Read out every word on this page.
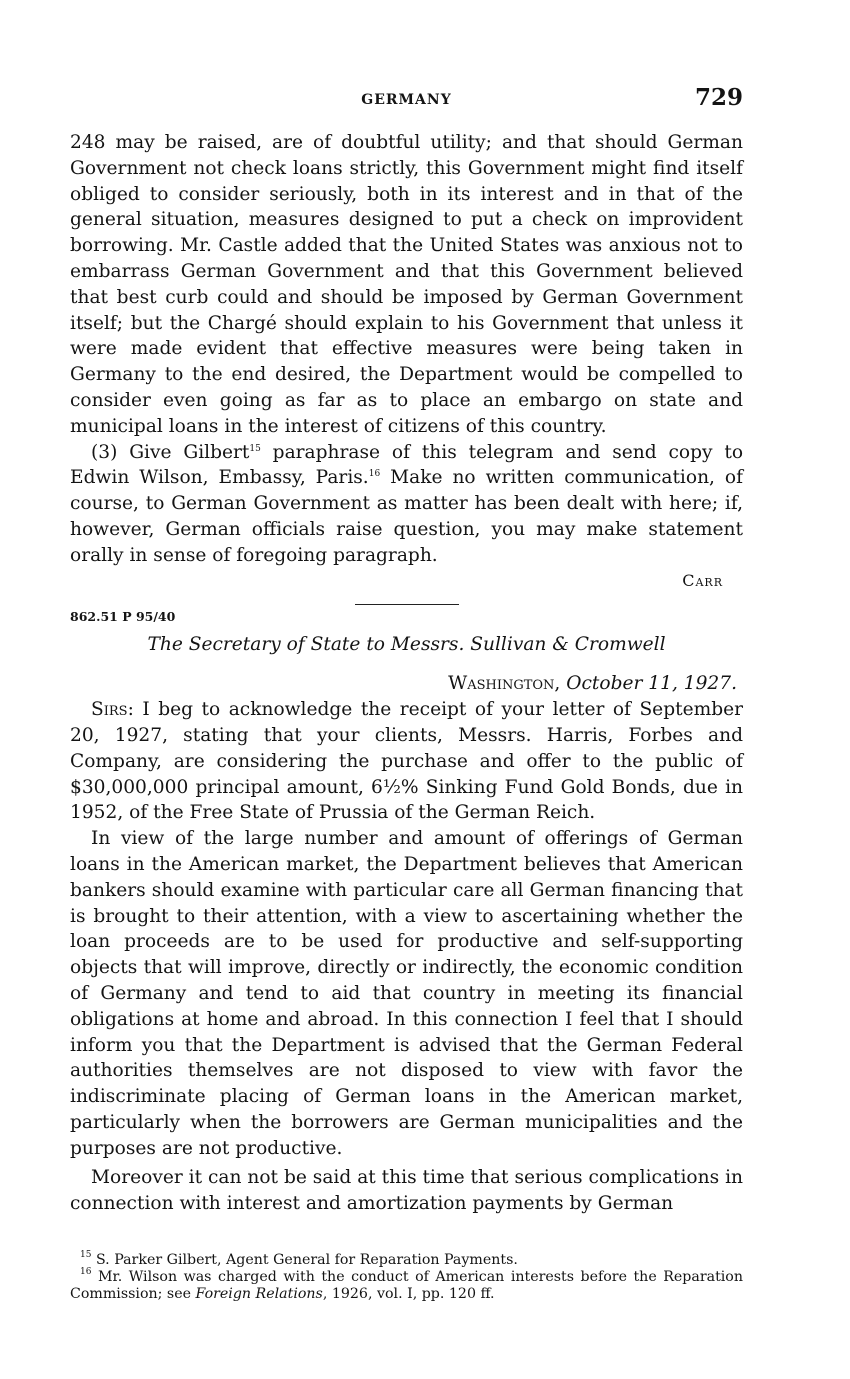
GERMANY	729

248 may be raised, are of doubtful utility; and that should German Government not check loans strictly, this Government might find itself obliged to consider seriously, both in its interest and in that of the general situation, measures designed to put a check on improvident borrowing. Mr. Castle added that the United States was anxious not to embarrass German Government and that this Government believed that best curb could and should be imposed by German Government itself; but the Chargé should explain to his Government that unless it were made evident that effective measures were being taken in Germany to the end desired, the Department would be compelled to consider even going as far as to place an embargo on state and municipal loans in the interest of citizens of this country.

(3) Give Gilbert$^{15}$ paraphrase of this telegram and send copy to Edwin Wilson, Embassy, Paris.$^{16}$ Make no written communication, of course, to German Government as matter has been dealt with here; if, however, German officials raise question, you may make statement orally in sense of foregoing paragraph.

Carr
862.51 P 95/40

The Secretary of State to Messrs. Sullivan & Cromwell

Washington, October 11, 1927.

Sirs: I beg to acknowledge the receipt of your letter of September 20, 1927, stating that your clients, Messrs. Harris, Forbes and Company, are considering the purchase and offer to the public of $30,000,000 principal amount, 6½% Sinking Fund Gold Bonds, due in 1952, of the Free State of Prussia of the German Reich.

In view of the large number and amount of offerings of German loans in the American market, the Department believes that American bankers should examine with particular care all German financing that is brought to their attention, with a view to ascertaining whether the loan proceeds are to be used for productive and self-supporting objects that will improve, directly or indirectly, the economic condition of Germany and tend to aid that country in meeting its financial obligations at home and abroad. In this connection I feel that I should inform you that the Department is advised that the German Federal authorities themselves are not disposed to view with favor the indiscriminate placing of German loans in the American market, particularly when the borrowers are German municipalities and the purposes are not productive.

Moreover it can not be said at this time that serious complications in connection with interest and amortization payments by German

$^{15}$ S. Parker Gilbert, Agent General for Reparation Payments.

$^{16}$ Mr. Wilson was charged with the conduct of American interests before the Reparation Commission; see Foreign Relations, 1926, vol. I, pp. 120 ff.
